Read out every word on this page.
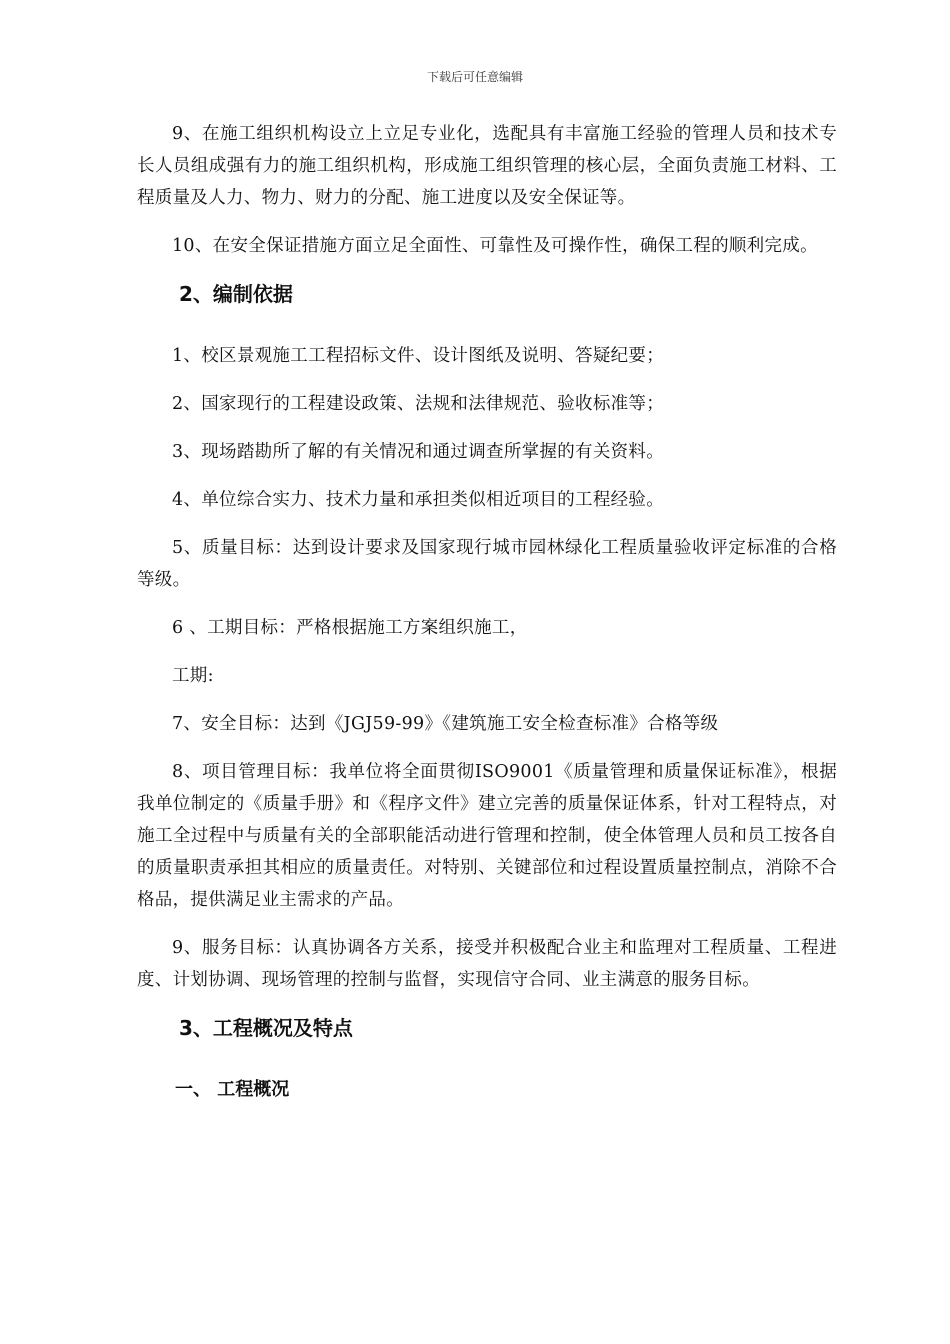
下载后可任意编辑

9、在施工组织机构设立上立足专业化，选配具有丰富施工经验的管理人员和技术专长人员组成强有力的施工组织机构，形成施工组织管理的核心层，全面负责施工材料、工程质量及人力、物力、财力的分配、施工进度以及安全保证等。

10、在安全保证措施方面立足全面性、可靠性及可操作性，确保工程的顺利完成。

2、编制依据

1、校区景观施工工程招标文件、设计图纸及说明、答疑纪要；

2、国家现行的工程建设政策、法规和法律规范、验收标准等；

3、现场踏勘所了解的有关情况和通过调查所掌握的有关资料。

4、单位综合实力、技术力量和承担类似相近项目的工程经验。

5、质量目标：达到设计要求及国家现行城市园林绿化工程质量验收评定标准的合格等级。

6 、工期目标：严格根据施工方案组织施工，

工期:

7、安全目标：达到《JGJ59-99》《建筑施工安全检查标准》合格等级

8、项目管理目标：我单位将全面贯彻ISO9001《质量管理和质量保证标准》，根据我单位制定的《质量手册》和《程序文件》建立完善的质量保证体系，针对工程特点，对施工全过程中与质量有关的全部职能活动进行管理和控制，使全体管理人员和员工按各自的质量职责承担其相应的质量责任。对特别、关键部位和过程设置质量控制点，消除不合格品，提供满足业主需求的产品。

9、服务目标：认真协调各方关系，接受并积极配合业主和监理对工程质量、工程进度、计划协调、现场管理的控制与监督，实现信守合同、业主满意的服务目标。

3、工程概况及特点
一、 工程概况
